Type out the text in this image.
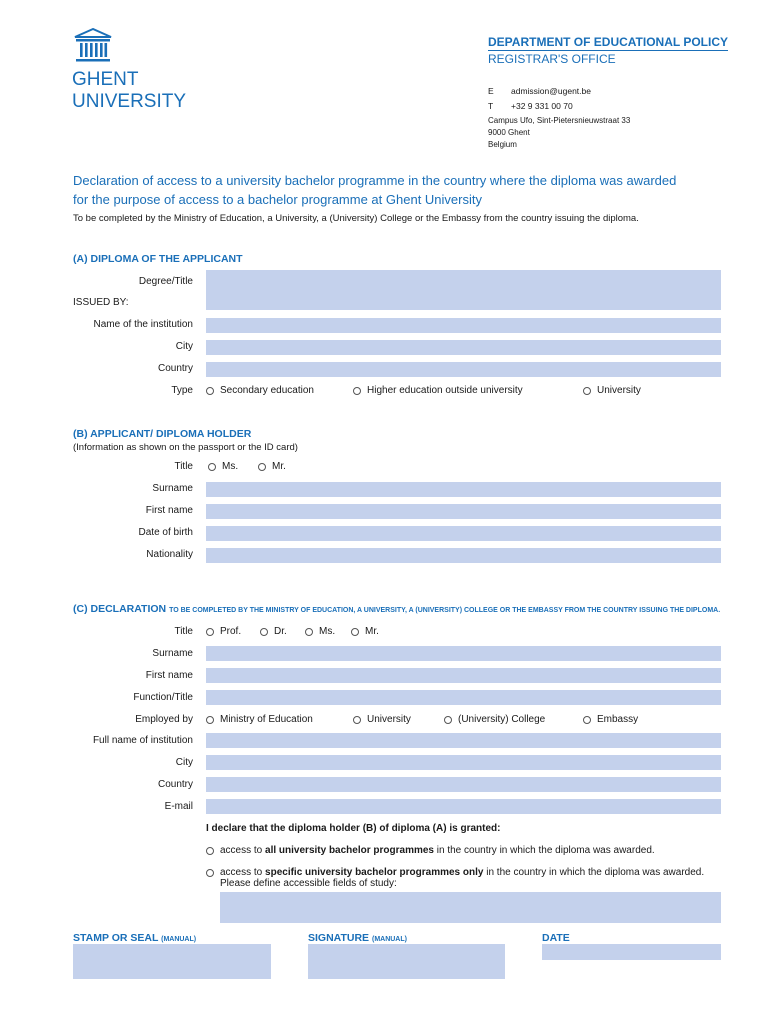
GHENT
UNIVERSITY
DEPARTMENT OF EDUCATIONAL POLICY
REGISTRAR'S OFFICE
E admission@ugent.be
T +32 9 331 00 70
Campus Ufo, Sint-Pietersnieuwstraat 33
9000 Ghent
Belgium
Declaration of access to a university bachelor programme in the country where the diploma was awarded
for the purpose of access to a bachelor programme at Ghent University
To be completed by the Ministry of Education, a University, a (University) College or the Embassy from the country issuing the diploma.
(A) DIPLOMA OF THE APPLICANT
Degree/Title
ISSUED BY:
Name of the institution
City
Country
Type	Secondary education	Higher education outside university	University
(B) APPLICANT/ DIPLOMA HOLDER
(Information as shown on the passport or the ID card)
Title	Ms.	Mr.
Surname
First name
Date of birth
Nationality
(C) DECLARATION TO BE COMPLETED BY THE MINISTRY OF EDUCATION, A UNIVERSITY, A (UNIVERSITY) COLLEGE OR THE EMBASSY FROM THE COUNTRY ISSUING THE DIPLOMA.
Title	Prof.	Dr.	Ms.	Mr.
Surname
First name
Function/Title
Employed by	Ministry of Education	University	(University) College	Embassy
Full name of institution
City
Country
E-mail
I declare that the diploma holder (B) of diploma (A) is granted:
access to all university bachelor programmes in the country in which the diploma was awarded.
access to specific university bachelor programmes only in the country in which the diploma was awarded.
Please define accessible fields of study:
STAMP OR SEAL (MANUAL)	SIGNATURE (MANUAL)	DATE
